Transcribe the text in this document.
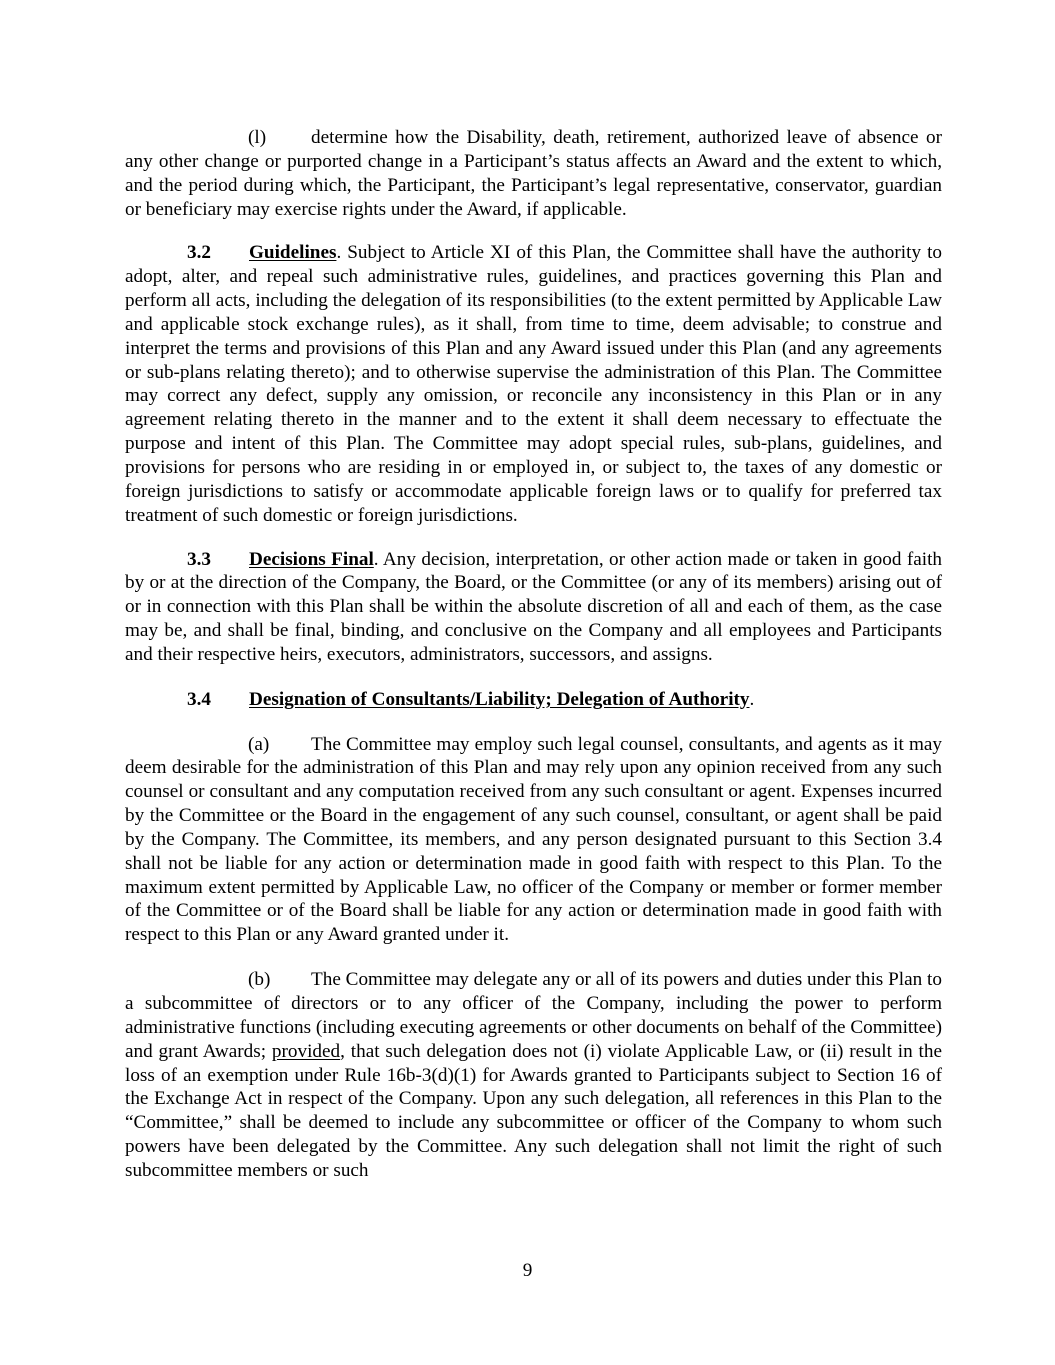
(l) determine how the Disability, death, retirement, authorized leave of absence or any other change or purported change in a Participant’s status affects an Award and the extent to which, and the period during which, the Participant, the Participant’s legal representative, conservator, guardian or beneficiary may exercise rights under the Award, if applicable.

3.2 Guidelines. Subject to Article XI of this Plan, the Committee shall have the authority to adopt, alter, and repeal such administrative rules, guidelines, and practices governing this Plan and perform all acts, including the delegation of its responsibilities (to the extent permitted by Applicable Law and applicable stock exchange rules), as it shall, from time to time, deem advisable; to construe and interpret the terms and provisions of this Plan and any Award issued under this Plan (and any agreements or sub-plans relating thereto); and to otherwise supervise the administration of this Plan. The Committee may correct any defect, supply any omission, or reconcile any inconsistency in this Plan or in any agreement relating thereto in the manner and to the extent it shall deem necessary to effectuate the purpose and intent of this Plan. The Committee may adopt special rules, sub-plans, guidelines, and provisions for persons who are residing in or employed in, or subject to, the taxes of any domestic or foreign jurisdictions to satisfy or accommodate applicable foreign laws or to qualify for preferred tax treatment of such domestic or foreign jurisdictions.

3.3 Decisions Final. Any decision, interpretation, or other action made or taken in good faith by or at the direction of the Company, the Board, or the Committee (or any of its members) arising out of or in connection with this Plan shall be within the absolute discretion of all and each of them, as the case may be, and shall be final, binding, and conclusive on the Company and all employees and Participants and their respective heirs, executors, administrators, successors, and assigns.

3.4 Designation of Consultants/Liability; Delegation of Authority.

(a) The Committee may employ such legal counsel, consultants, and agents as it may deem desirable for the administration of this Plan and may rely upon any opinion received from any such counsel or consultant and any computation received from any such consultant or agent. Expenses incurred by the Committee or the Board in the engagement of any such counsel, consultant, or agent shall be paid by the Company. The Committee, its members, and any person designated pursuant to this Section 3.4 shall not be liable for any action or determination made in good faith with respect to this Plan. To the maximum extent permitted by Applicable Law, no officer of the Company or member or former member of the Committee or of the Board shall be liable for any action or determination made in good faith with respect to this Plan or any Award granted under it.

(b) The Committee may delegate any or all of its powers and duties under this Plan to a subcommittee of directors or to any officer of the Company, including the power to perform administrative functions (including executing agreements or other documents on behalf of the Committee) and grant Awards; provided, that such delegation does not (i) violate Applicable Law, or (ii) result in the loss of an exemption under Rule 16b-3(d)(1) for Awards granted to Participants subject to Section 16 of the Exchange Act in respect of the Company. Upon any such delegation, all references in this Plan to the “Committee,” shall be deemed to include any subcommittee or officer of the Company to whom such powers have been delegated by the Committee. Any such delegation shall not limit the right of such subcommittee members or such

9
